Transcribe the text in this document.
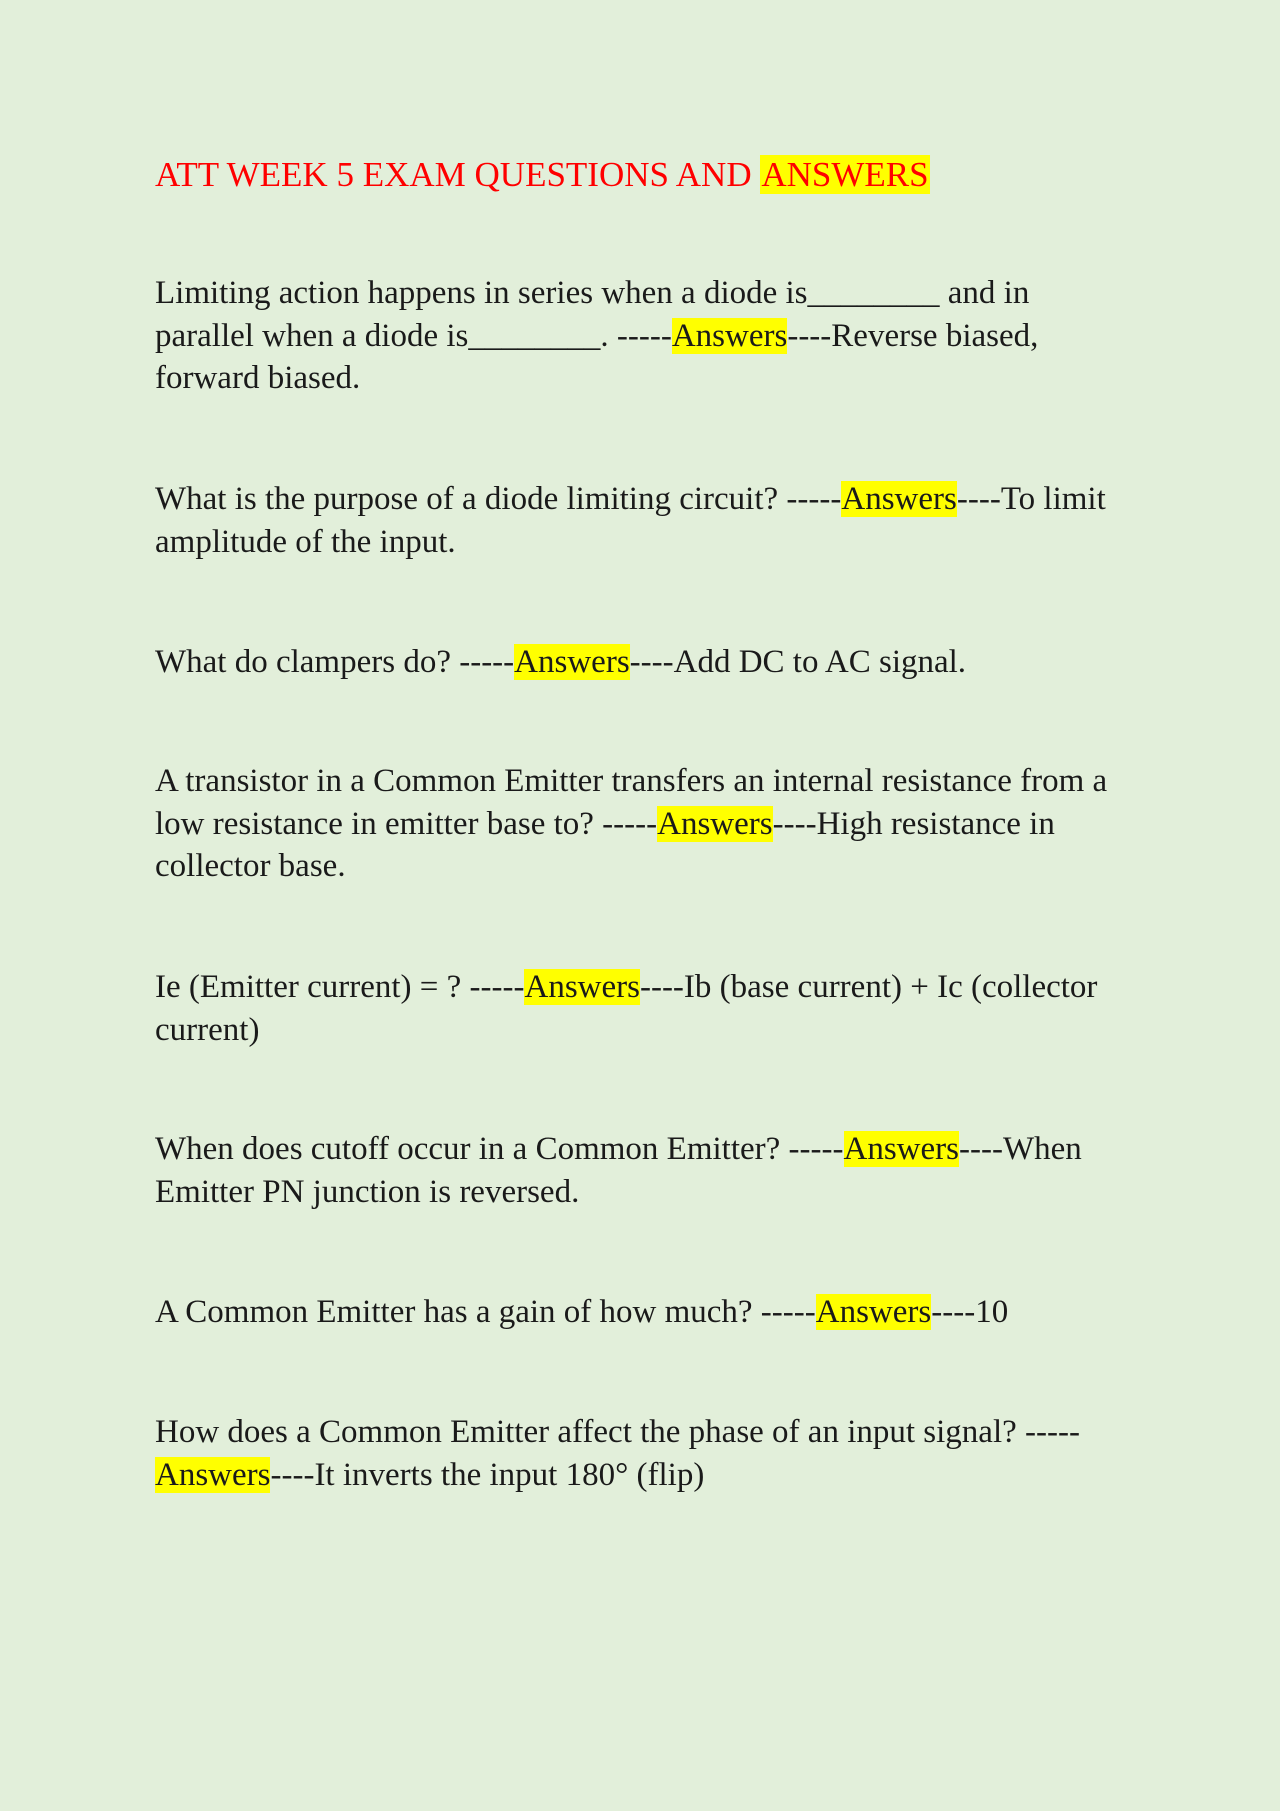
ATT WEEK 5 EXAM QUESTIONS AND ANSWERS

Limiting action happens in series when a diode is________ and in parallel when a diode is________. -----Answers----Reverse biased, forward biased.

What is the purpose of a diode limiting circuit? -----Answers----To limit amplitude of the input.

What do clampers do? -----Answers----Add DC to AC signal.

A transistor in a Common Emitter transfers an internal resistance from a low resistance in emitter base to? -----Answers----High resistance in collector base.

Ie (Emitter current) = ? -----Answers----Ib (base current) + Ic (collector current)

When does cutoff occur in a Common Emitter? -----Answers----When Emitter PN junction is reversed.

A Common Emitter has a gain of how much? -----Answers----10

How does a Common Emitter affect the phase of an input signal? -----Answers----It inverts the input 180° (flip)
